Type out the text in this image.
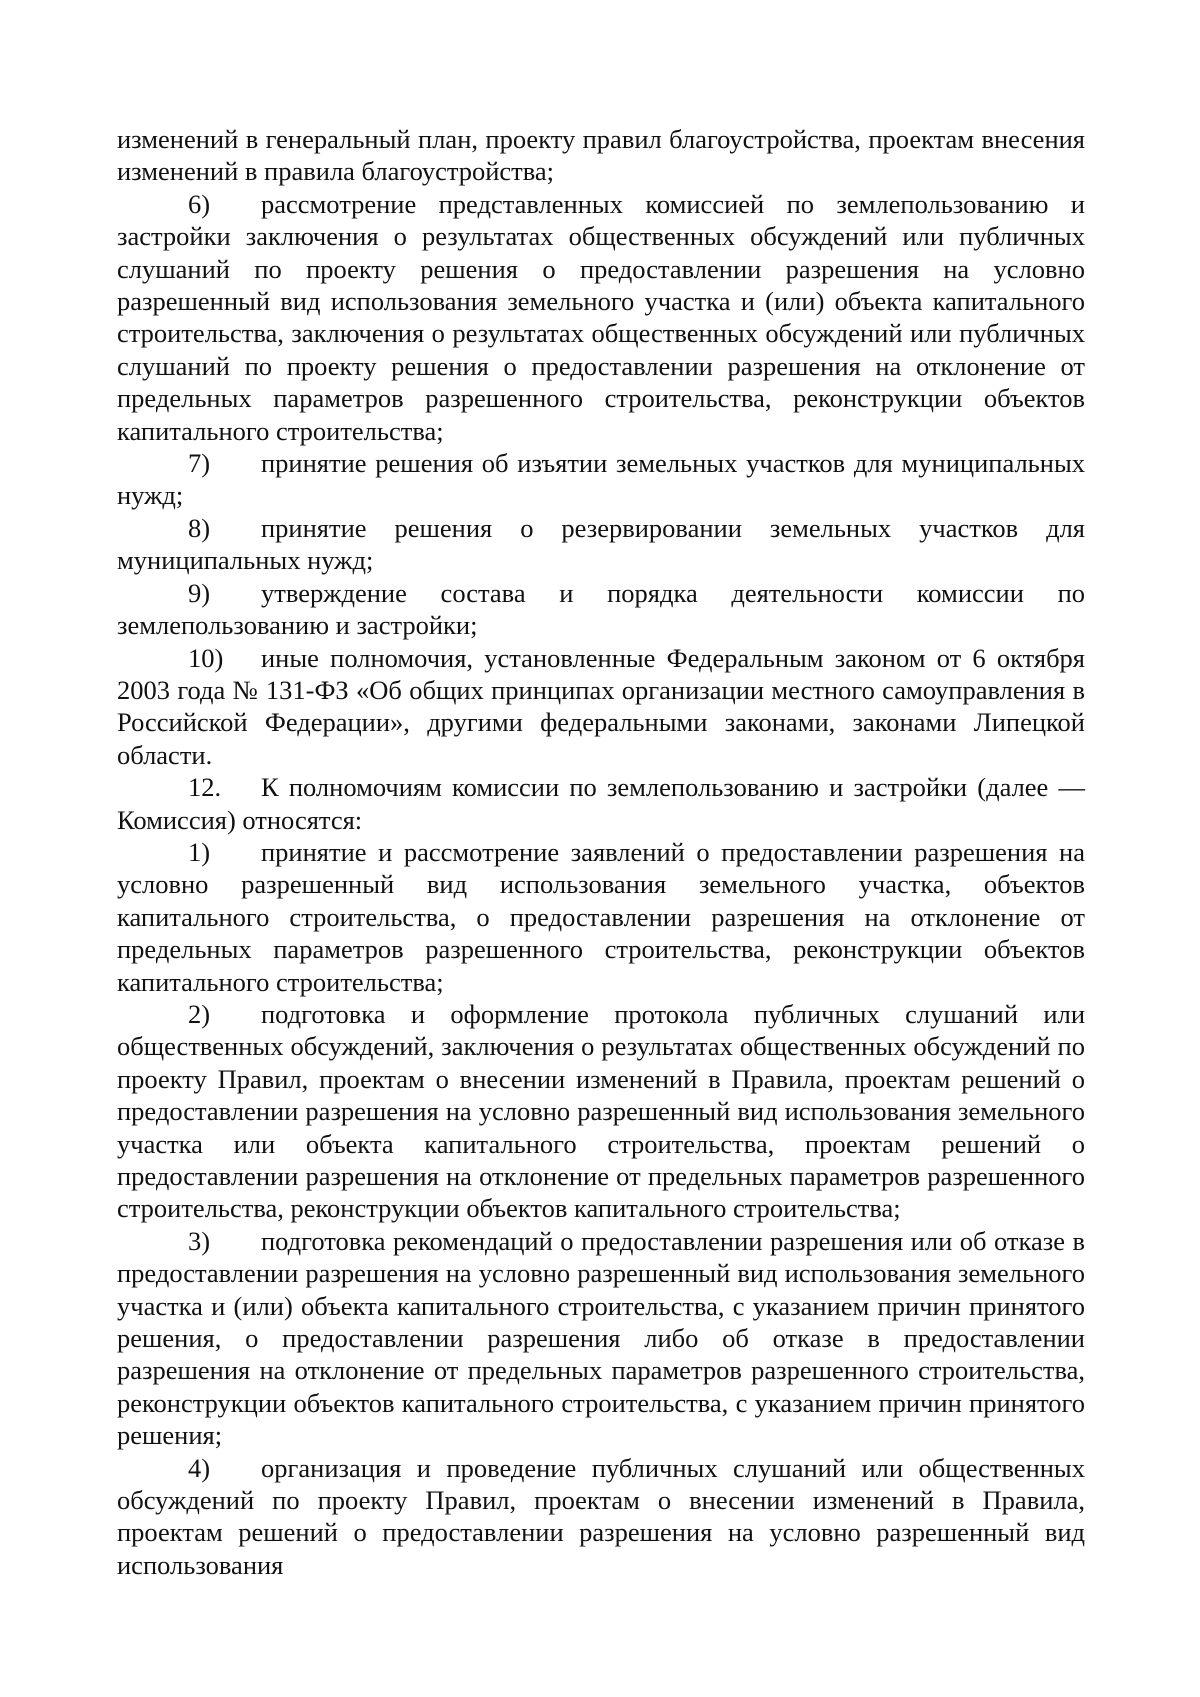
изменений в генеральный план, проекту правил благоустройства, проектам внесения изменений в правила благоустройства;

6) рассмотрение представленных комиссией по землепользованию и застройки заключения о результатах общественных обсуждений или публичных слушаний по проекту решения о предоставлении разрешения на условно разрешенный вид использования земельного участка и (или) объекта капитального строительства, заключения о результатах общественных обсуждений или публичных слушаний по проекту решения о предоставлении разрешения на отклонение от предельных параметров разрешенного строительства, реконструкции объектов капитального строительства;

7) принятие решения об изъятии земельных участков для муниципальных нужд;

8) принятие решения о резервировании земельных участков для муниципальных нужд;

9) утверждение состава и порядка деятельности комиссии по землепользованию и застройки;

10) иные полномочия, установленные Федеральным законом от 6 октября 2003 года № 131-ФЗ «Об общих принципах организации местного самоуправления в Российской Федерации», другими федеральными законами, законами Липецкой области.

12. К полномочиям комиссии по землепользованию и застройки (далее — Комиссия) относятся:

1) принятие и рассмотрение заявлений о предоставлении разрешения на условно разрешенный вид использования земельного участка, объектов капитального строительства, о предоставлении разрешения на отклонение от предельных параметров разрешенного строительства, реконструкции объектов капитального строительства;

2) подготовка и оформление протокола публичных слушаний или общественных обсуждений, заключения о результатах общественных обсуждений по проекту Правил, проектам о внесении изменений в Правила, проектам решений о предоставлении разрешения на условно разрешенный вид использования земельного участка или объекта капитального строительства, проектам решений о предоставлении разрешения на отклонение от предельных параметров разрешенного строительства, реконструкции объектов капитального строительства;

3) подготовка рекомендаций о предоставлении разрешения или об отказе в предоставлении разрешения на условно разрешенный вид использования земельного участка и (или) объекта капитального строительства, с указанием причин принятого решения, о предоставлении разрешения либо об отказе в предоставлении разрешения на отклонение от предельных параметров разрешенного строительства, реконструкции объектов капитального строительства, с указанием причин принятого решения;

4) организация и проведение публичных слушаний или общественных обсуждений по проекту Правил, проектам о внесении изменений в Правила, проектам решений о предоставлении разрешения на условно разрешенный вид использования
